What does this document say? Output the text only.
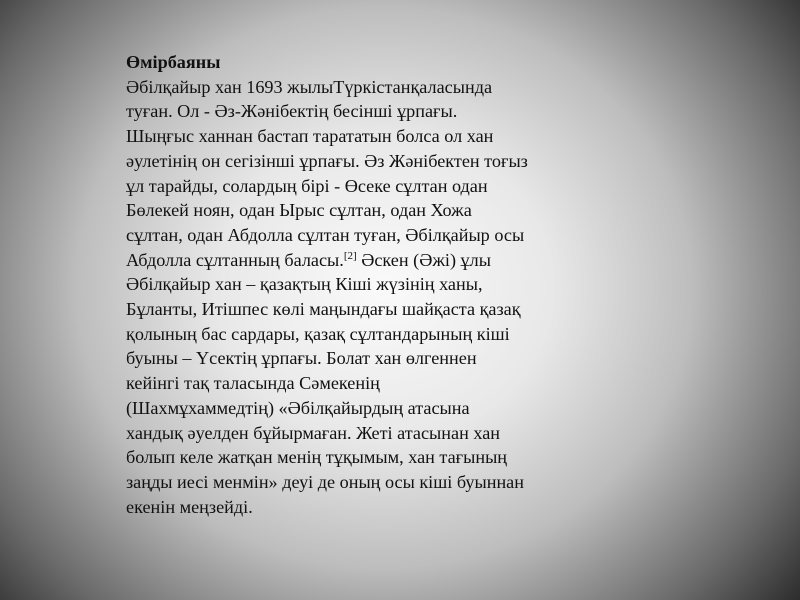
Өмірбаяны
Әбілқайыр хан 1693 жылыТүркістанқаласында
туған. Ол - Әз-Жәнібектің бесінші ұрпағы.
Шыңғыс ханнан бастап тарататын болса ол хан
әулетінің он сегізінші ұрпағы. Әз Жәнібектен тоғыз
ұл тарайды, солардың бірі - Өсеке сұлтан одан
Бөлекей ноян, одан Ырыс сұлтан, одан Хожа
сұлтан, одан Абдолла сұлтан туған, Әбілқайыр осы
Абдолла сұлтанның баласы.[2] Әскен (Әжі) ұлы
Әбілқайыр хан – қазақтың Кіші жүзінің ханы,
Бұланты, Итішпес көлі маңындағы шайқаста қазақ
қолының бас сардары, қазақ сұлтандарының кіші
буыны – Үсектің ұрпағы. Болат хан өлгеннен
кейінгі тақ таласында Сәмекенің
(Шахмұхаммедтің) «Әбілқайырдың атасына
хандық әуелден бұйырмаған. Жеті атасынан хан
болып келе жатқан менің тұқымым, хан тағының
заңды иесі менмін» деуі де оның осы кіші буыннан
екенін меңзейді.
